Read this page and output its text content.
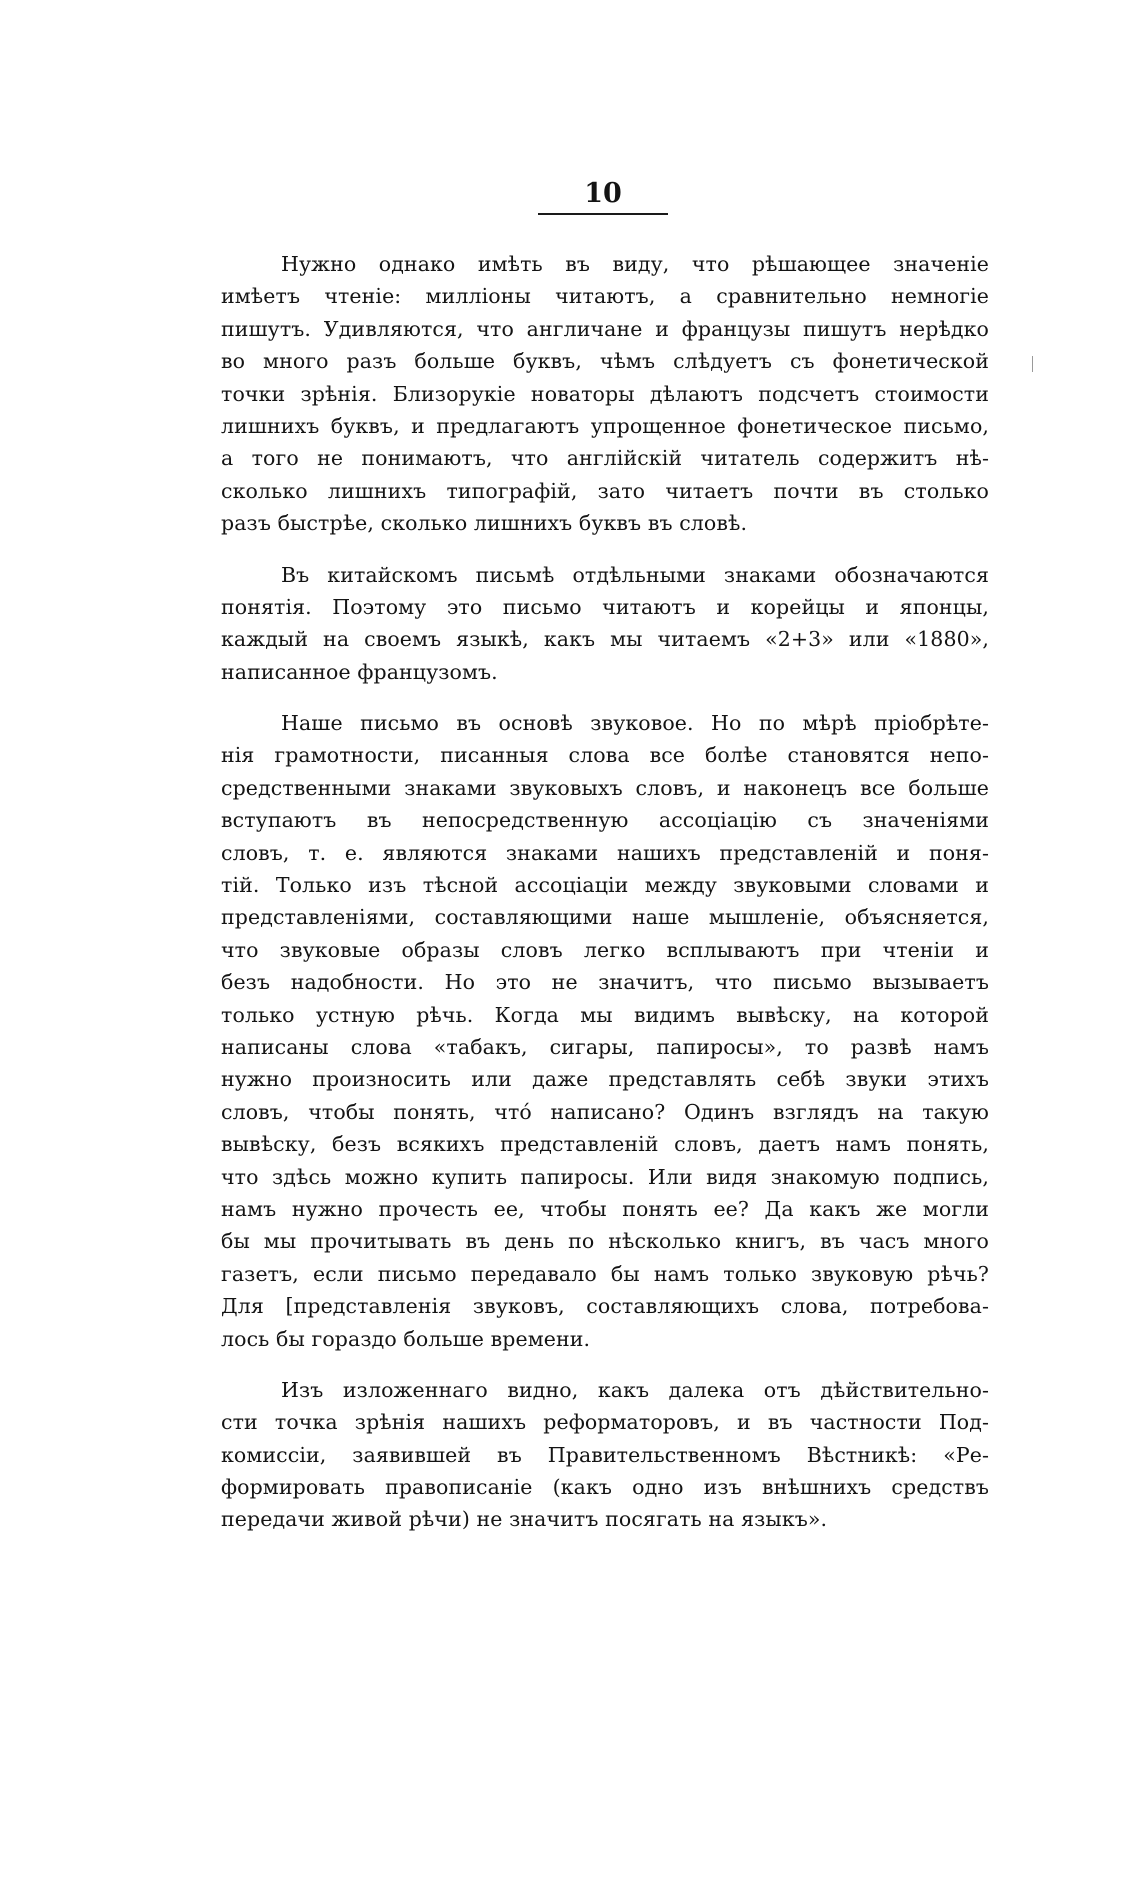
10
Нужно однако имѣть въ виду, что рѣшающее значеніе
имѣетъ чтеніе: милліоны читаютъ, а сравнительно немногіе
пишутъ. Удивляются, что англичане и французы пишутъ нерѣдко
во много разъ больше буквъ, чѣмъ слѣдуетъ съ фонетической
точки зрѣнія. Близорукіе новаторы дѣлаютъ подсчетъ стоимости
лишнихъ буквъ, и предлагаютъ упрощенное фонетическое письмо,
а того не понимаютъ, что англійскій читатель содержитъ нѣ-
сколько лишнихъ типографій, зато читаетъ почти въ столько
разъ быстрѣе, сколько лишнихъ буквъ въ словѣ.
Въ китайскомъ письмѣ отдѣльными знаками обозначаются
понятія. Поэтому это письмо читаютъ и корейцы и японцы,
каждый на своемъ языкѣ, какъ мы читаемъ «2+3» или «1880»,
написанное французомъ.
Наше письмо въ основѣ звуковое. Но по мѣрѣ пріобрѣте-
нія грамотности, писанныя слова все болѣе становятся непо-
средственными знаками звуковыхъ словъ, и наконецъ все больше
вступаютъ въ непосредственную ассоціацію съ значеніями
словъ, т. е. являются знаками нашихъ представленій и поня-
тій. Только изъ тѣсной ассоціаціи между звуковыми словами и
представленіями, составляющими наше мышленіе, объясняется,
что звуковые образы словъ легко всплываютъ при чтеніи и
безъ надобности. Но это не значитъ, что письмо вызываетъ
только устную рѣчь. Когда мы видимъ вывѣску, на которой
написаны слова «табакъ, сигары, папиросы», то развѣ намъ
нужно произносить или даже представлять себѣ звуки этихъ
словъ, чтобы понять, что́ написано? Одинъ взглядъ на такую
вывѣску, безъ всякихъ представленій словъ, даетъ намъ понять,
что здѣсь можно купить папиросы. Или видя знакомую подпись,
намъ нужно прочесть ее, чтобы понять ее? Да какъ же могли
бы мы прочитывать въ день по нѣсколько книгъ, въ часъ много
газетъ, если письмо передавало бы намъ только звуковую рѣчь?
Для [представленія звуковъ, составляющихъ слова, потребова-
лось бы гораздо больше времени.
Изъ изложеннаго видно, какъ далека отъ дѣйствительно-
сти точка зрѣнія нашихъ реформаторовъ, и въ частности Под-
комиссіи, заявившей въ Правительственномъ Вѣстникѣ: «Ре-
формировать правописаніе (какъ одно изъ внѣшнихъ средствъ
передачи живой рѣчи) не значитъ посягать на языкъ».
